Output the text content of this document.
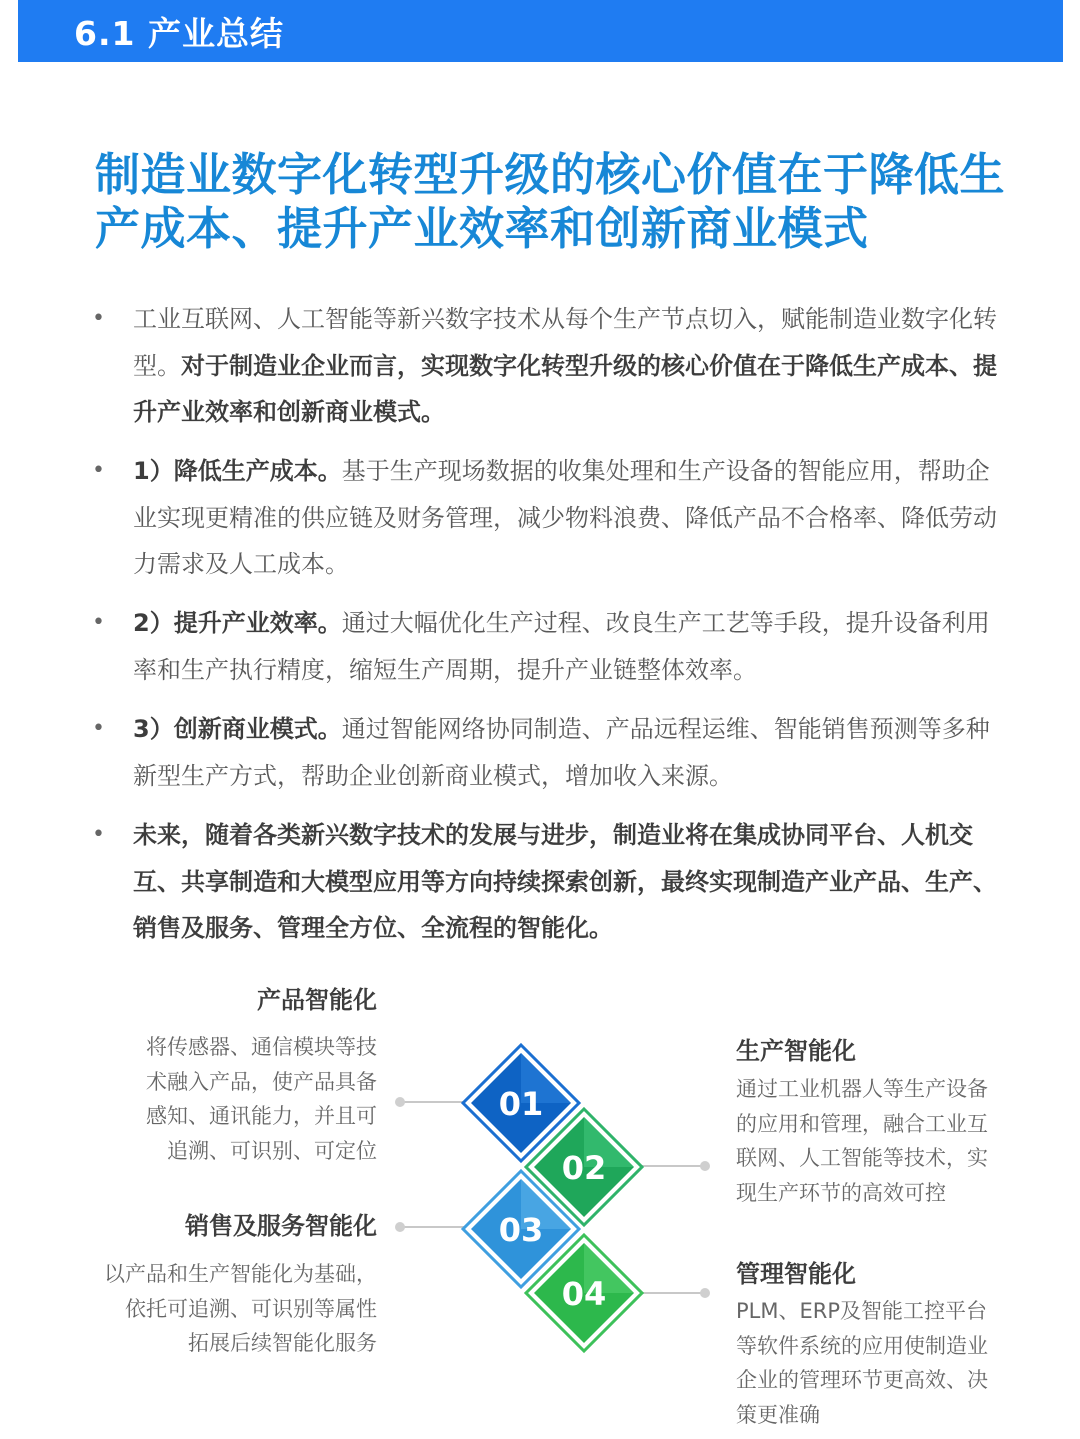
6.1 产业总结
制造业数字化转型升级的核心价值在于降低生
产成本、提升产业效率和创新商业模式
• 工业互联网、人工智能等新兴数字技术从每个生产节点切入，赋能制造业数字化转型。对于制造业企业而言，实现数字化转型升级的核心价值在于降低生产成本、提升产业效率和创新商业模式。
• 1）降低生产成本。基于生产现场数据的收集处理和生产设备的智能应用，帮助企业实现更精准的供应链及财务管理，减少物料浪费、降低产品不合格率、降低劳动力需求及人工成本。
• 2）提升产业效率。通过大幅优化生产过程、改良生产工艺等手段，提升设备利用率和生产执行精度，缩短生产周期，提升产业链整体效率。
• 3）创新商业模式。通过智能网络协同制造、产品远程运维、智能销售预测等多种新型生产方式，帮助企业创新商业模式，增加收入来源。
• 未来，随着各类新兴数字技术的发展与进步，制造业将在集成协同平台、人机交互、共享制造和大模型应用等方向持续探索创新，最终实现制造产业产品、生产、销售及服务、管理全方位、全流程的智能化。
01
02
03
04
产品智能化
将传感器、通信模块等技
术融入产品，使产品具备
感知、通讯能力，并且可
追溯、可识别、可定位
生产智能化
通过工业机器人等生产设备
的应用和管理，融合工业互
联网、人工智能等技术，实
现生产环节的高效可控
销售及服务智能化
以产品和生产智能化为基础，
依托可追溯、可识别等属性
拓展后续智能化服务
管理智能化
PLM、ERP及智能工控平台
等软件系统的应用使制造业
企业的管理环节更高效、决
策更准确
